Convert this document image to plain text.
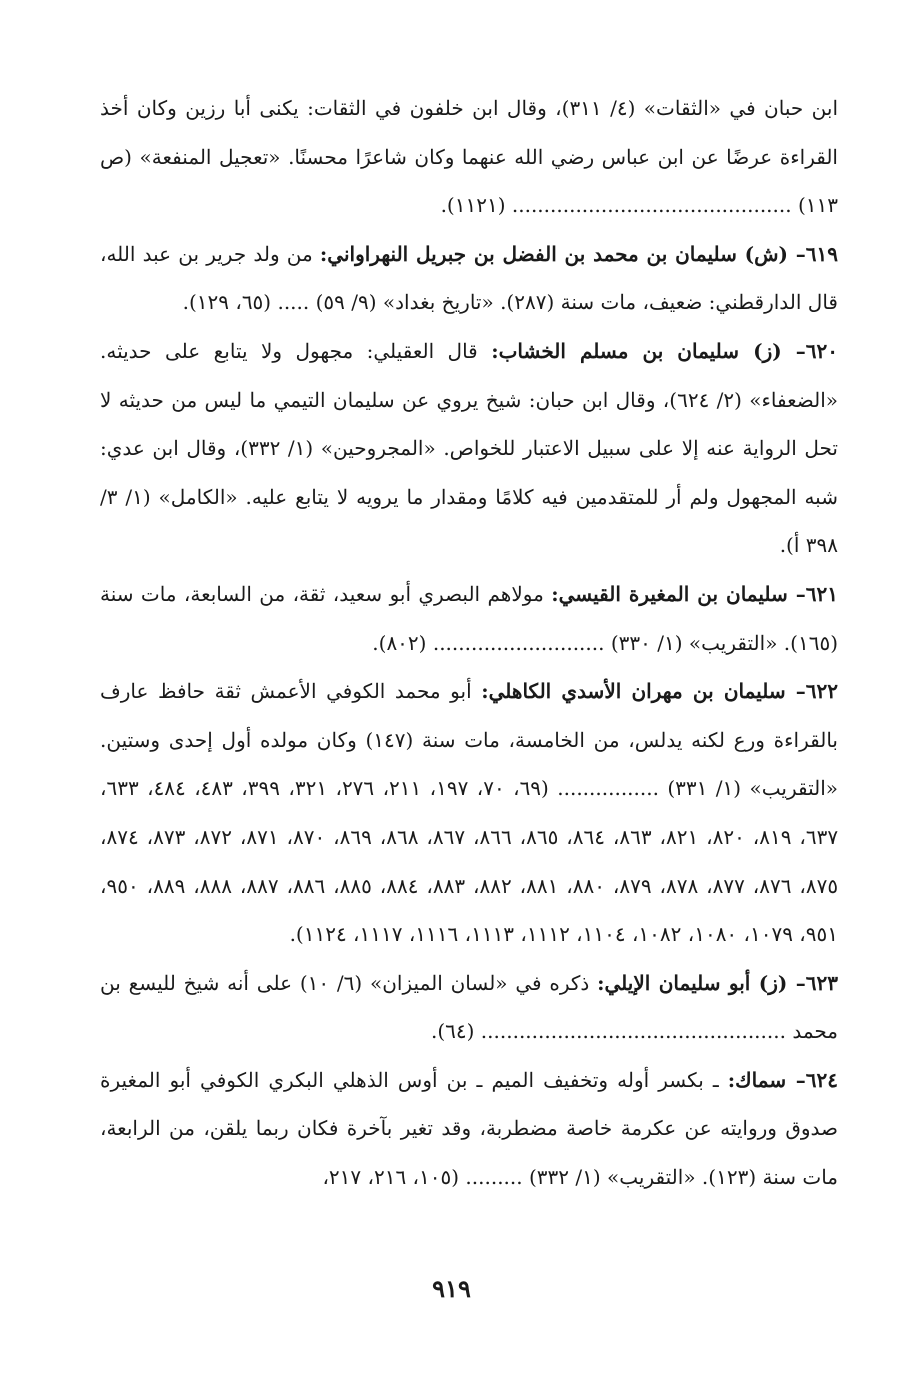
ابن حبان في «الثقات» (٤/ ٣١١)، وقال ابن خلفون في الثقات: يكنى أبا رزين وكان أخذ القراءة عرضًا عن ابن عباس رضي الله عنهما وكان شاعرًا محسنًا. «تعجيل المنفعة» (ص ١١٣) ............................................ (١١٢١).

٦١٩– (ش) سليمان بن محمد بن الفضل بن جبريل النهراواني: من ولد جرير بن عبد الله، قال الدارقطني: ضعيف، مات سنة (٢٨٧). «تاريخ بغداد» (٩/ ٥٩) ..... (٦٥، ١٢٩).

٦٢٠– (ز) سليمان بن مسلم الخشاب: قال العقيلي: مجهول ولا يتابع على حديثه. «الضعفاء» (٢/ ٦٢٤)، وقال ابن حبان: شيخ يروي عن سليمان التيمي ما ليس من حديثه لا تحل الرواية عنه إلا على سبيل الاعتبار للخواص. «المجروحين» (١/ ٣٣٢)، وقال ابن عدي: شبه المجهول ولم أر للمتقدمين فيه كلامًا ومقدار ما يرويه لا يتابع عليه. «الكامل» (١/ ٣/ ٣٩٨ أ).

٦٢١– سليمان بن المغيرة القيسي: مولاهم البصري أبو سعيد، ثقة، من السابعة، مات سنة (١٦٥). «التقريب» (١/ ٣٣٠) ........................... (٨٠٢).

٦٢٢– سليمان بن مهران الأسدي الكاهلي: أبو محمد الكوفي الأعمش ثقة حافظ عارف بالقراءة ورع لكنه يدلس، من الخامسة، مات سنة (١٤٧) وكان مولده أول إحدى وستين. «التقريب» (١/ ٣٣١) ................ (٦٩، ٧٠، ١٩٧، ٢١١، ٢٧٦، ٣٢١، ٣٩٩، ٤٨٣، ٤٨٤، ٦٣٣، ٦٣٧، ٨١٩، ٨٢٠، ٨٢١، ٨٦٣، ٨٦٤، ٨٦٥، ٨٦٦، ٨٦٧، ٨٦٨، ٨٦٩، ٨٧٠، ٨٧١، ٨٧٢، ٨٧٣، ٨٧٤، ٨٧٥، ٨٧٦، ٨٧٧، ٨٧٨، ٨٧٩، ٨٨٠، ٨٨١، ٨٨٢، ٨٨٣، ٨٨٤، ٨٨٥، ٨٨٦، ٨٨٧، ٨٨٨، ٨٨٩، ٩٥٠، ٩٥١، ١٠٧٩، ١٠٨٠، ١٠٨٢، ١١٠٤، ١١١٢، ١١١٣، ١١١٦، ١١١٧، ١١٢٤).

٦٢٣– (ز) أبو سليمان الإيلي: ذكره في «لسان الميزان» (٦/ ١٠) على أنه شيخ لليسع بن محمد ................................................ (٦٤).

٦٢٤– سماك: ـ بكسر أوله وتخفيف الميم ـ بن أوس الذهلي البكري الكوفي أبو المغيرة صدوق وروايته عن عكرمة خاصة مضطربة، وقد تغير بآخرة فكان ربما يلقن، من الرابعة، مات سنة (١٢٣). «التقريب» (١/ ٣٣٢) ......... (١٠٥، ٢١٦، ٢١٧،

٩١٩
